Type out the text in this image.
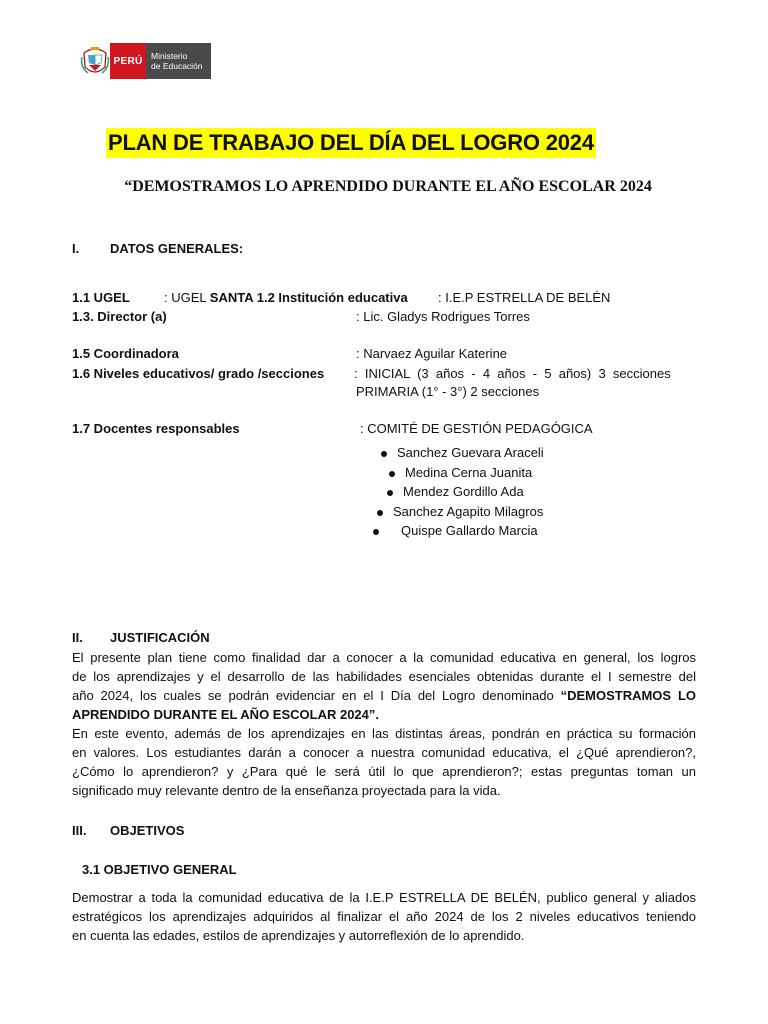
PERÚ	Ministerio
de Educación
PLAN DE TRABAJO DEL DÍA DEL LOGRO 2024
“DEMOSTRAMOS LO APRENDIDO DURANTE EL AÑO ESCOLAR 2024
I. DATOS GENERALES:
1.1 UGEL	: UGEL SANTA 1.2 Institución educativa : I.E.P ESTRELLA DE BELÉN
1.3. Director (a)	: Lic. Gladys Rodrigues Torres
1.5 Coordinadora	: Narvaez Aguilar Katerine
1.6 Niveles educativos/ grado /secciones :  INICIAL  (3  años  -  4  años  -  5  años)  3  secciones
PRIMARIA (1° - 3°) 2 secciones
1.7 Docentes responsables	: COMITÉ DE GESTIÓN PEDAGÓGICA
Sanchez Guevara Araceli
Medina Cerna Juanita
Mendez Gordillo Ada
Sanchez Agapito Milagros
Quispe Gallardo Marcia
II. JUSTIFICACIÓN
El presente plan tiene como finalidad dar a conocer a la comunidad educativa en general, los logros
de los aprendizajes y el desarrollo de las habilidades esenciales obtenidas durante el I semestre del
año 2024, los cuales se podrán evidenciar en el I Día del Logro denominado “DEMOSTRAMOS LO
APRENDIDO DURANTE EL AÑO ESCOLAR 2024”.
En este evento, además de los aprendizajes en las distintas áreas, pondrán en práctica su formación
en valores. Los estudiantes darán a conocer a nuestra comunidad educativa, el ¿Qué aprendieron?,
¿Cómo lo aprendieron? y ¿Para qué le será útil lo que aprendieron?; estas preguntas toman un
significado muy relevante dentro de la enseñanza proyectada para la vida.
III. OBJETIVOS
3.1 OBJETIVO GENERAL
Demostrar a toda la comunidad educativa de la I.E.P ESTRELLA DE BELÉN, publico general y aliados
estratégicos los aprendizajes adquiridos al finalizar el año 2024 de los 2 niveles educativos teniendo
en cuenta las edades, estilos de aprendizajes y autorreflexión de lo aprendido.
